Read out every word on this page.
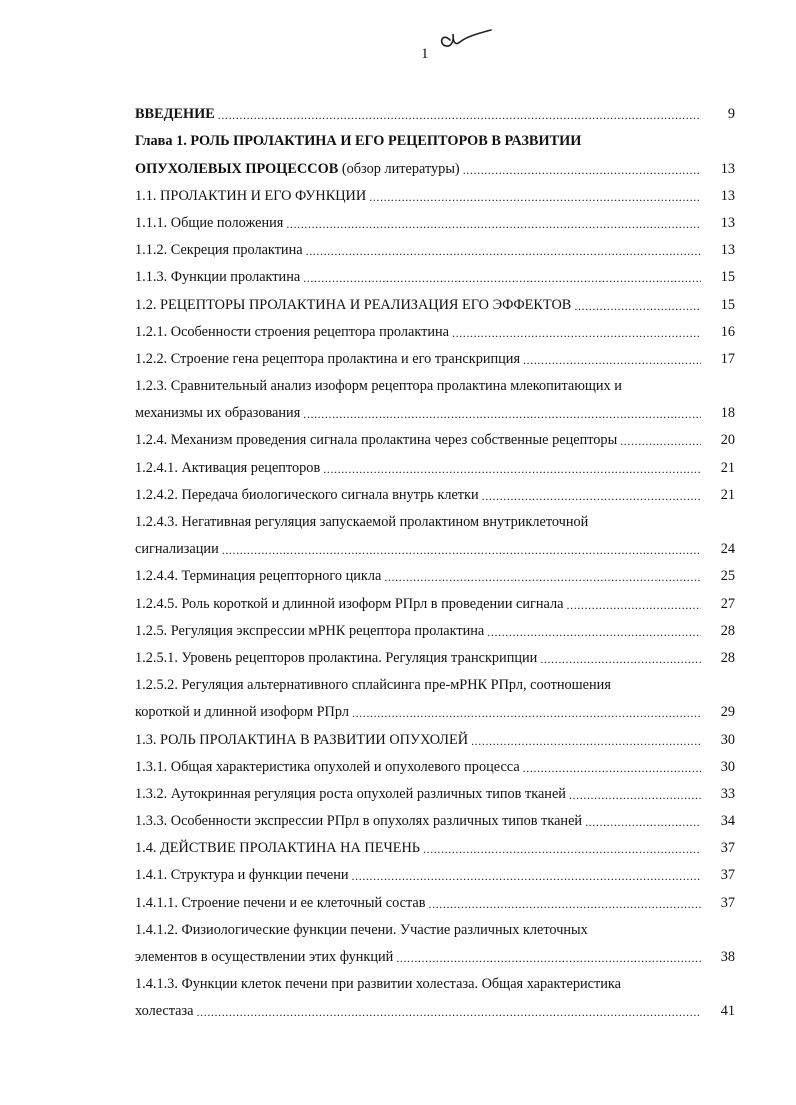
1
ВВЕДЕНИЕ . . .	9
Глава 1. РОЛЬ ПРОЛАКТИНА И ЕГО РЕЦЕПТОРОВ В РАЗВИТИИ
ОПУХОЛЕВЫХ ПРОЦЕССОВ (обзор литературы) . . .	13
1.1. ПРОЛАКТИН И ЕГО ФУНКЦИИ . . .	13
1.1.1. Общие положения . . .	13
1.1.2. Секреция пролактина . . .	13
1.1.3. Функции пролактина . . .	15
1.2. РЕЦЕПТОРЫ ПРОЛАКТИНА И РЕАЛИЗАЦИЯ ЕГО ЭФФЕКТОВ . . .	15
1.2.1. Особенности строения рецептора пролактина . . .	16
1.2.2. Строение гена рецептора пролактина и его транскрипция . . .	17
1.2.3. Сравнительный анализ изоформ рецептора пролактина млекопитающих и
механизмы их образования . . .	18
1.2.4. Механизм проведения сигнала пролактина через собственные рецепторы . . .	20
1.2.4.1. Активация рецепторов . . .	21
1.2.4.2. Передача биологического сигнала внутрь клетки . . .	21
1.2.4.3. Негативная регуляция запускаемой пролактином внутриклеточной
сигнализации . . .	24
1.2.4.4. Терминация рецепторного цикла . . .	25
1.2.4.5. Роль короткой и длинной изоформ РПрл в проведении сигнала . . .	27
1.2.5. Регуляция экспрессии мРНК рецептора пролактина . . .	28
1.2.5.1. Уровень рецепторов пролактина. Регуляция транскрипции . . .	28
1.2.5.2. Регуляция альтернативного сплайсинга пре-мРНК РПрл, соотношения
короткой и длинной изоформ РПрл . . .	29
1.3. РОЛЬ ПРОЛАКТИНА В РАЗВИТИИ ОПУХОЛЕЙ . . .	30
1.3.1. Общая характеристика опухолей и опухолевого процесса . . .	30
1.3.2. Аутокринная регуляция роста опухолей различных типов тканей . . .	33
1.3.3. Особенности экспрессии РПрл в опухолях различных типов тканей . . .	34
1.4. ДЕЙСТВИЕ ПРОЛАКТИНА НА ПЕЧЕНЬ . . .	37
1.4.1. Структура и функции печени . . .	37
1.4.1.1. Строение печени и ее клеточный состав . . .	37
1.4.1.2. Физиологические функции печени. Участие различных клеточных
элементов в осуществлении этих функций . . .	38
1.4.1.3. Функции клеток печени при развитии холестаза. Общая характеристика
холестаза . . .	41
